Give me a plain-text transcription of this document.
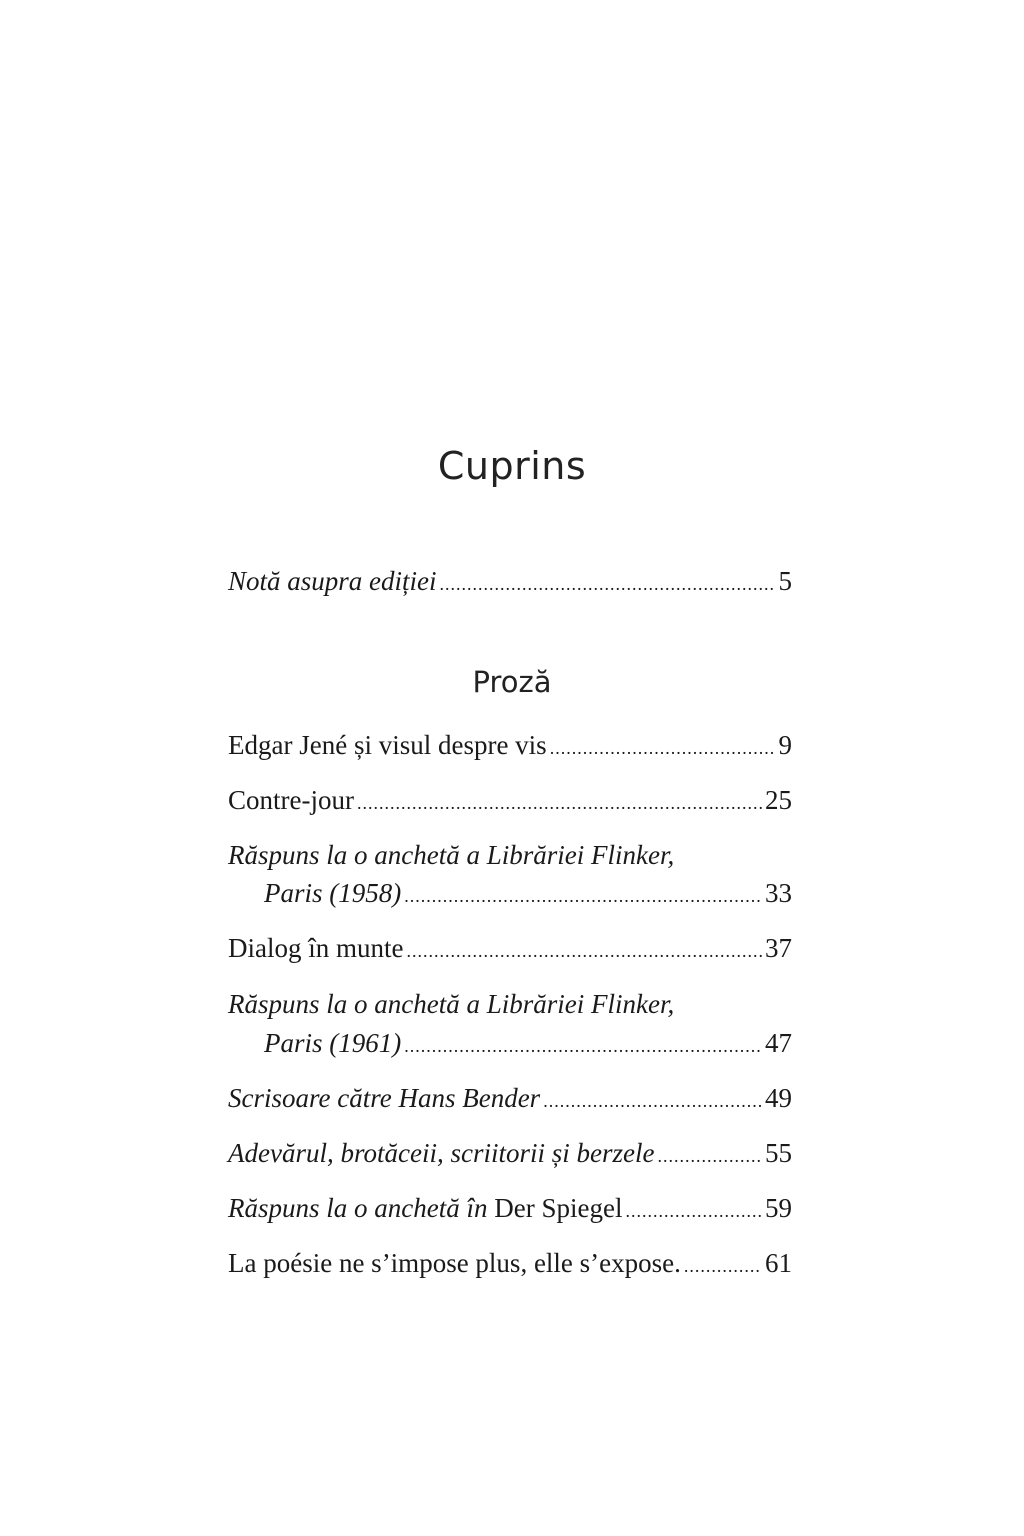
Cuprins
Notă asupra ediției .....	5
Proză
Edgar Jené și visul despre vis .....	9
Contre-jour .....	25
Răspuns la o anchetă a Librăriei Flinker,
Paris (1958) .....	33
Dialog în munte .....	37
Răspuns la o anchetă a Librăriei Flinker,
Paris (1961) .....	47
Scrisoare către Hans Bender .....	49
Adevărul, brotăceii, scriitorii și berzele .....	55
Răspuns la o anchetă în Der Spiegel .....	59
La poésie ne s’impose plus, elle s’expose. .....	61
